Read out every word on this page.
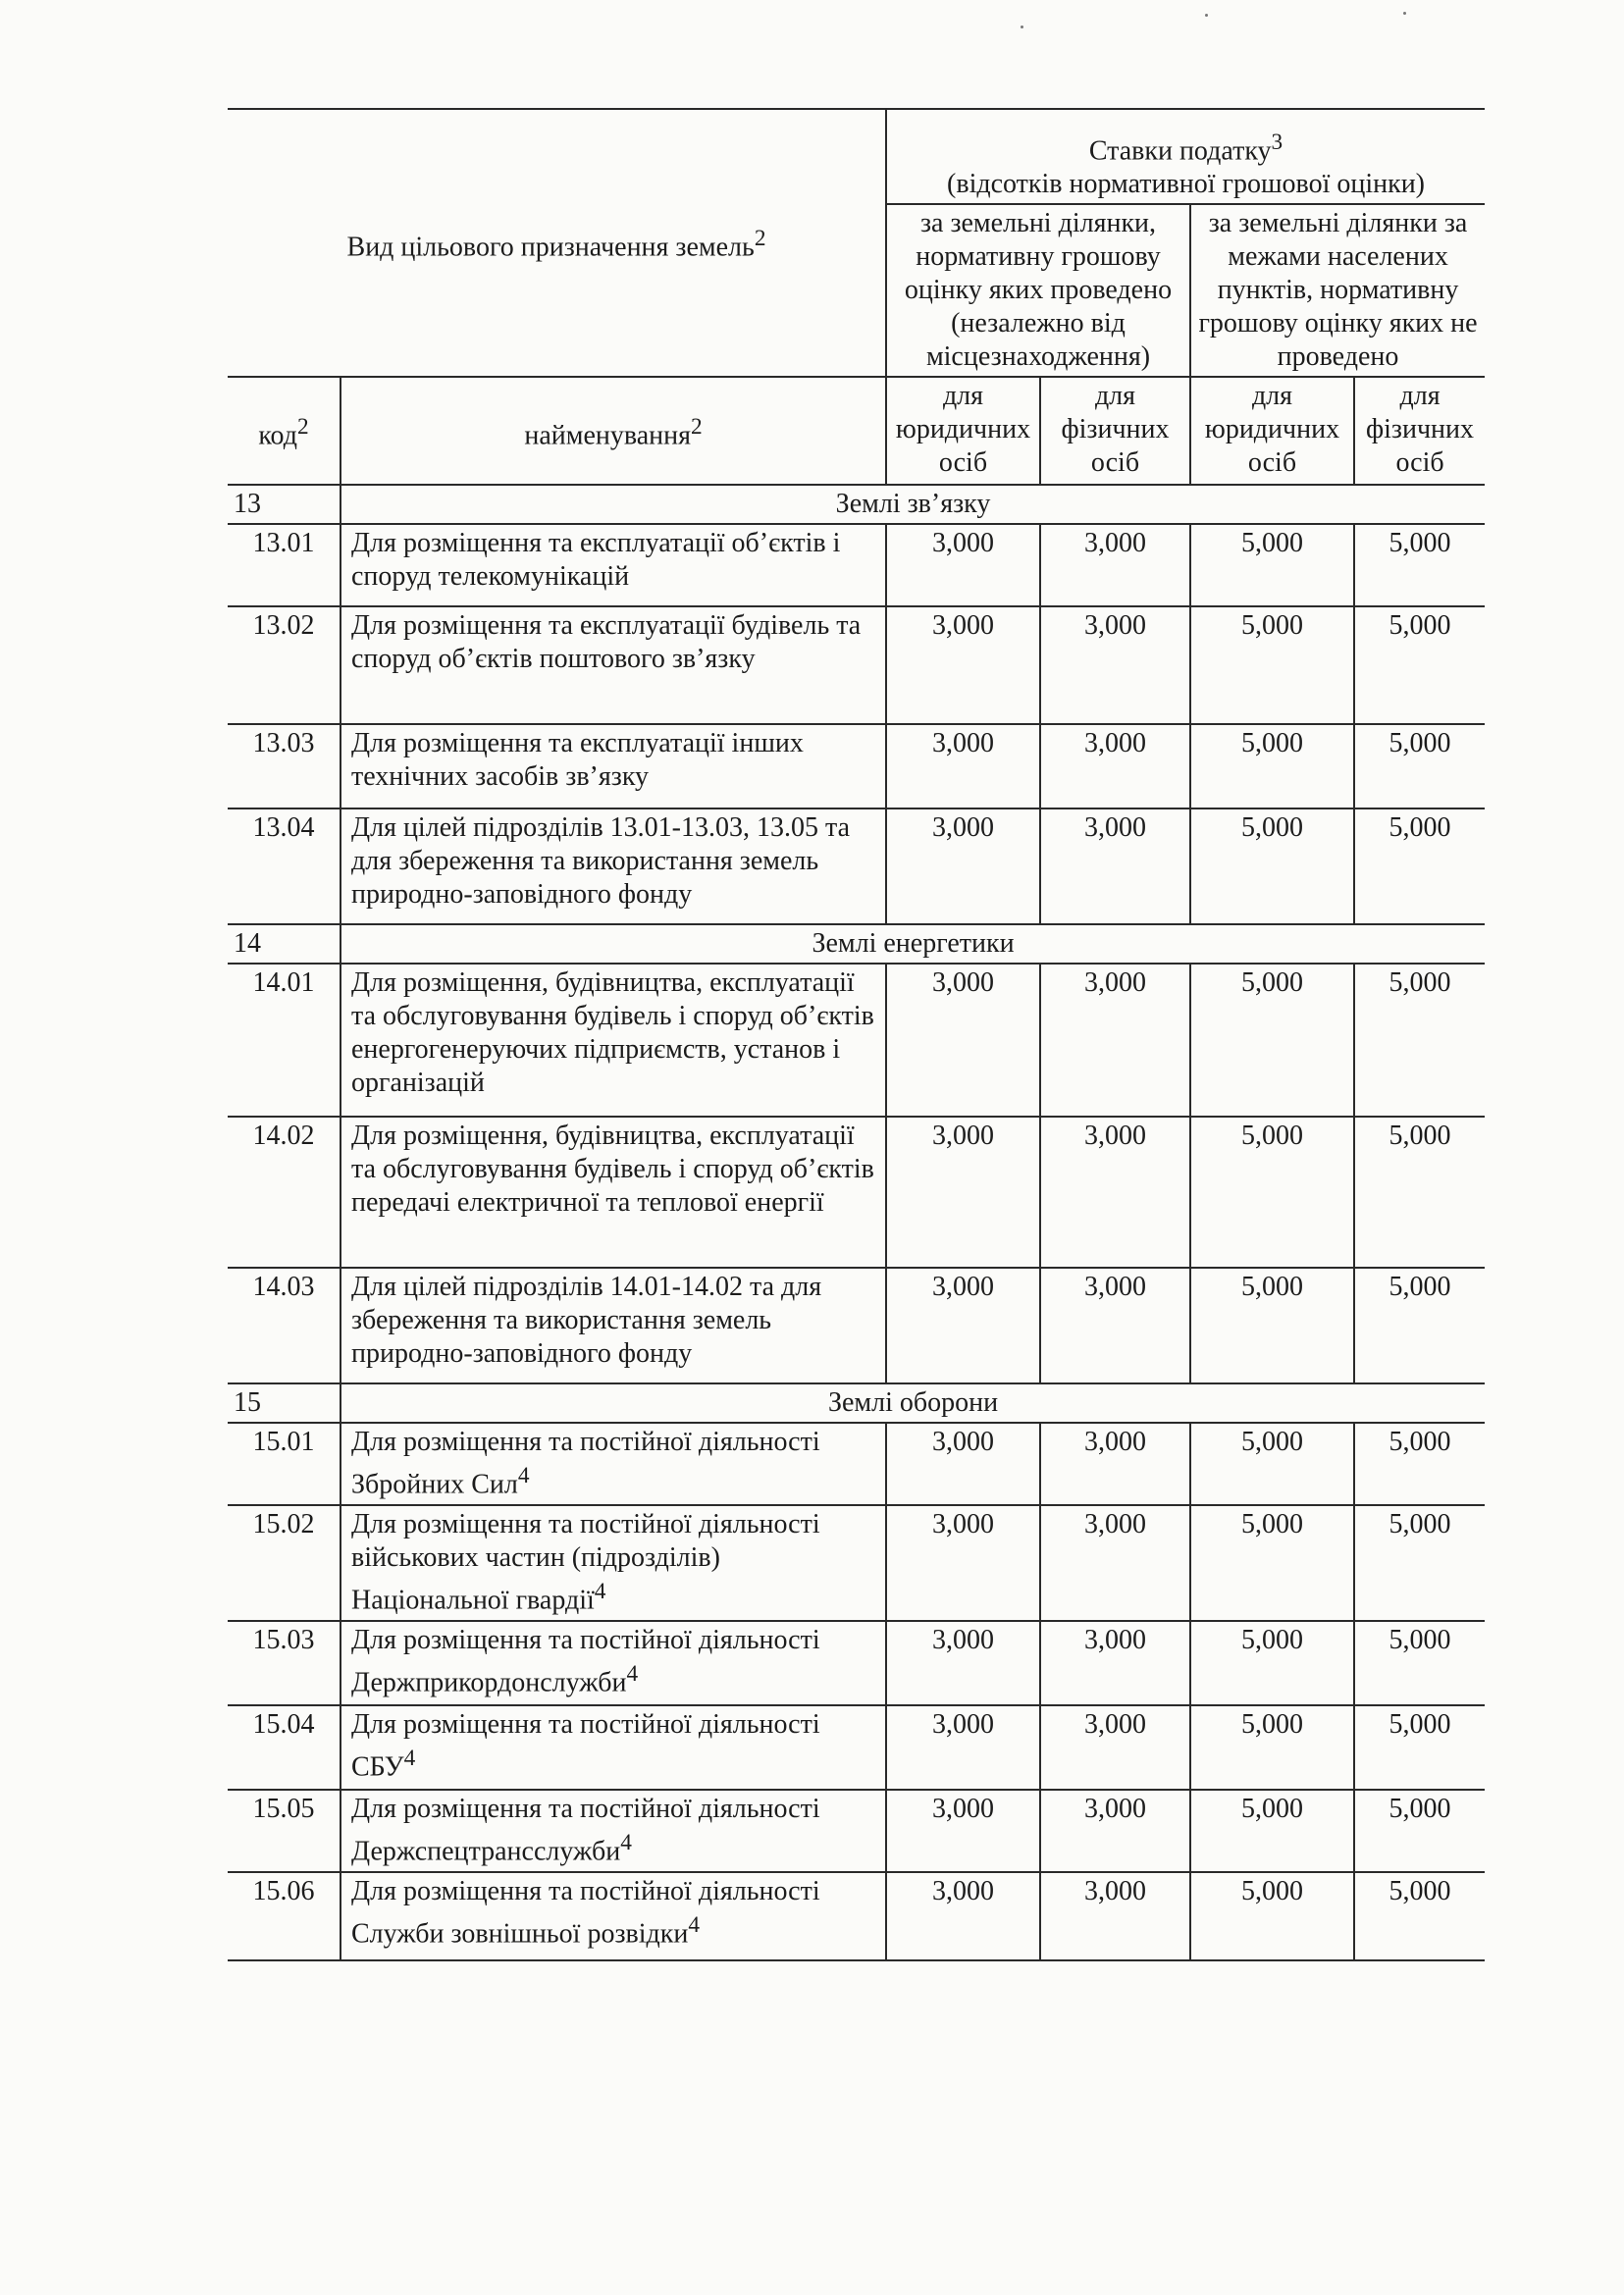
Вид цільового призначення земель$^2$		Ставки податку$^3$
(відсотків нормативної грошової оцінки)			
		за земельні ділянки, нормативну грошову оцінку яких проведено (незалежно від місцезнаходження)		за земельні ділянки за межами населених пунктів, нормативну грошову оцінку яких не проведено	
код$^2$	найменування$^2$	для юридичних осіб	для фізичних осіб	для юридичних осіб	для фізичних осіб
13	Землі зв’язку				
13.01	Для розміщення та експлуатації об’єктів і споруд телекомунікацій	3,000	3,000	5,000	5,000
13.02	Для розміщення та експлуатації будівель та споруд об’єктів поштового зв’язку	3,000	3,000	5,000	5,000
13.03	Для розміщення та експлуатації інших технічних засобів зв’язку	3,000	3,000	5,000	5,000
13.04	Для цілей підрозділів 13.01-13.03, 13.05 та для збереження та використання земель природно-заповідного фонду	3,000	3,000	5,000	5,000
14	Землі енергетики				
14.01	Для розміщення, будівництва, експлуатації та обслуговування будівель і споруд об’єктів енергогенеруючих підприємств, установ і організацій	3,000	3,000	5,000	5,000
14.02	Для розміщення, будівництва, експлуатації та обслуговування будівель і споруд об’єктів передачі електричної та теплової енергії	3,000	3,000	5,000	5,000
14.03	Для цілей підрозділів 14.01-14.02 та для збереження та використання земель природно-заповідного фонду	3,000	3,000	5,000	5,000
15	Землі оборони				
15.01	Для розміщення та постійної діяльності Збройних Сил$^4$	3,000	3,000	5,000	5,000
15.02	Для розміщення та постійної діяльності військових частин (підрозділів) Національної гвардії$^4$	3,000	3,000	5,000	5,000
15.03	Для розміщення та постійної діяльності Держприкордонслужби$^4$	3,000	3,000	5,000	5,000
15.04	Для розміщення та постійної діяльності СБУ$^4$	3,000	3,000	5,000	5,000
15.05	Для розміщення та постійної діяльності Держспецтрансслужби$^4$	3,000	3,000	5,000	5,000
15.06	Для розміщення та постійної діяльності Служби зовнішньої розвідки$^4$	3,000	3,000	5,000	5,000
